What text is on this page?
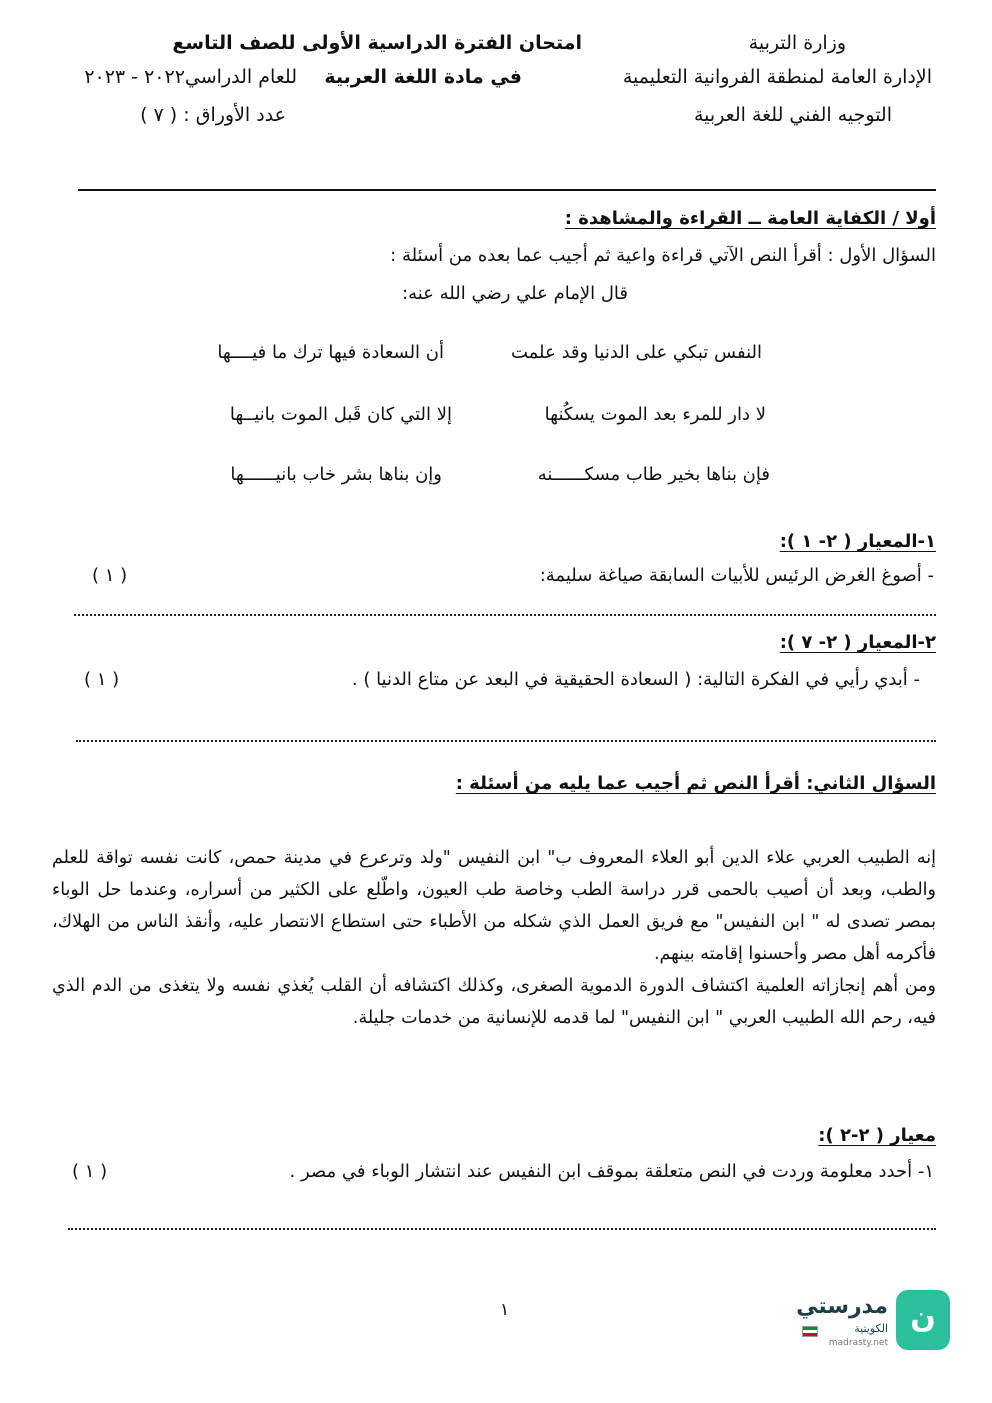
وزارة التربية
الإدارة العامة لمنطقة الفروانية التعليمية
التوجيه الفني للغة العربية
امتحان الفترة الدراسية الأولى للصف التاسع
في مادة اللغة العربية
للعام الدراسي٢٠٢٢ - ٢٠٢٣
عدد الأوراق : ( ٧ )
أولا / الكفاية العامة ــ القراءة والمشاهدة :
السؤال الأول : أقرأ النص الآتي قراءة واعية ثم أجيب عما بعده من أسئلة :
قال الإمام علي رضي الله عنه:
النفس تبكي على الدنيا وقد علمت
أن السعادة فيها ترك ما فيــــها
لا دار للمرء بعد الموت يسكُنها
إلا التي كان قَبل الموت بانيــها
فإن بناها بخير طاب مسكــــــنه
وإن بناها بشر خاب بانيــــــها
١-المعيار ( ٢- ١ ):
- أصوغ الغرض الرئيس للأبيات السابقة صياغة سليمة:
( ١ )
٢-المعيار ( ٢- ٧ ):
- أبدي رأيي في الفكرة التالية: ( السعادة الحقيقية في البعد عن متاع الدنيا ) .
( ١ )
السؤال الثاني: أقرأ النص ثم أجيب عما يليه من أسئلة :

إنه الطبيب العربي علاء الدين أبو العلاء المعروف ب" ابن النفيس "ولد وترعرع في مدينة حمص، كانت نفسه تواقة للعلم والطب، وبعد أن أصيب بالحمى قرر دراسة الطب وخاصة طب العيون، واطّلع على الكثير من أسراره، وعندما حل الوباء بمصر تصدى له " ابن النفيس" مع فريق العمل الذي شكله من الأطباء حتى استطاع الانتصار عليه، وأنقذ الناس من الهلاك، فأكرمه أهل مصر وأحسنوا إقامته بينهم.

ومن أهم إنجازاته العلمية اكتشاف الدورة الدموية الصغرى، وكذلك اكتشافه أن القلب يُغذي نفسه ولا يتغذى من الدم الذي فيه، رحم الله الطبيب العربي " ابن النفيس" لما قدمه للإنسانية من خدمات جليلة.

معيار ( ٢-٢ ):
١- أحدد معلومة وردت في النص متعلقة بموقف ابن النفيس عند انتشار الوباء في مصر .
( ١ )
١	ن
مدرستي
الكويتية
madrasty.net
